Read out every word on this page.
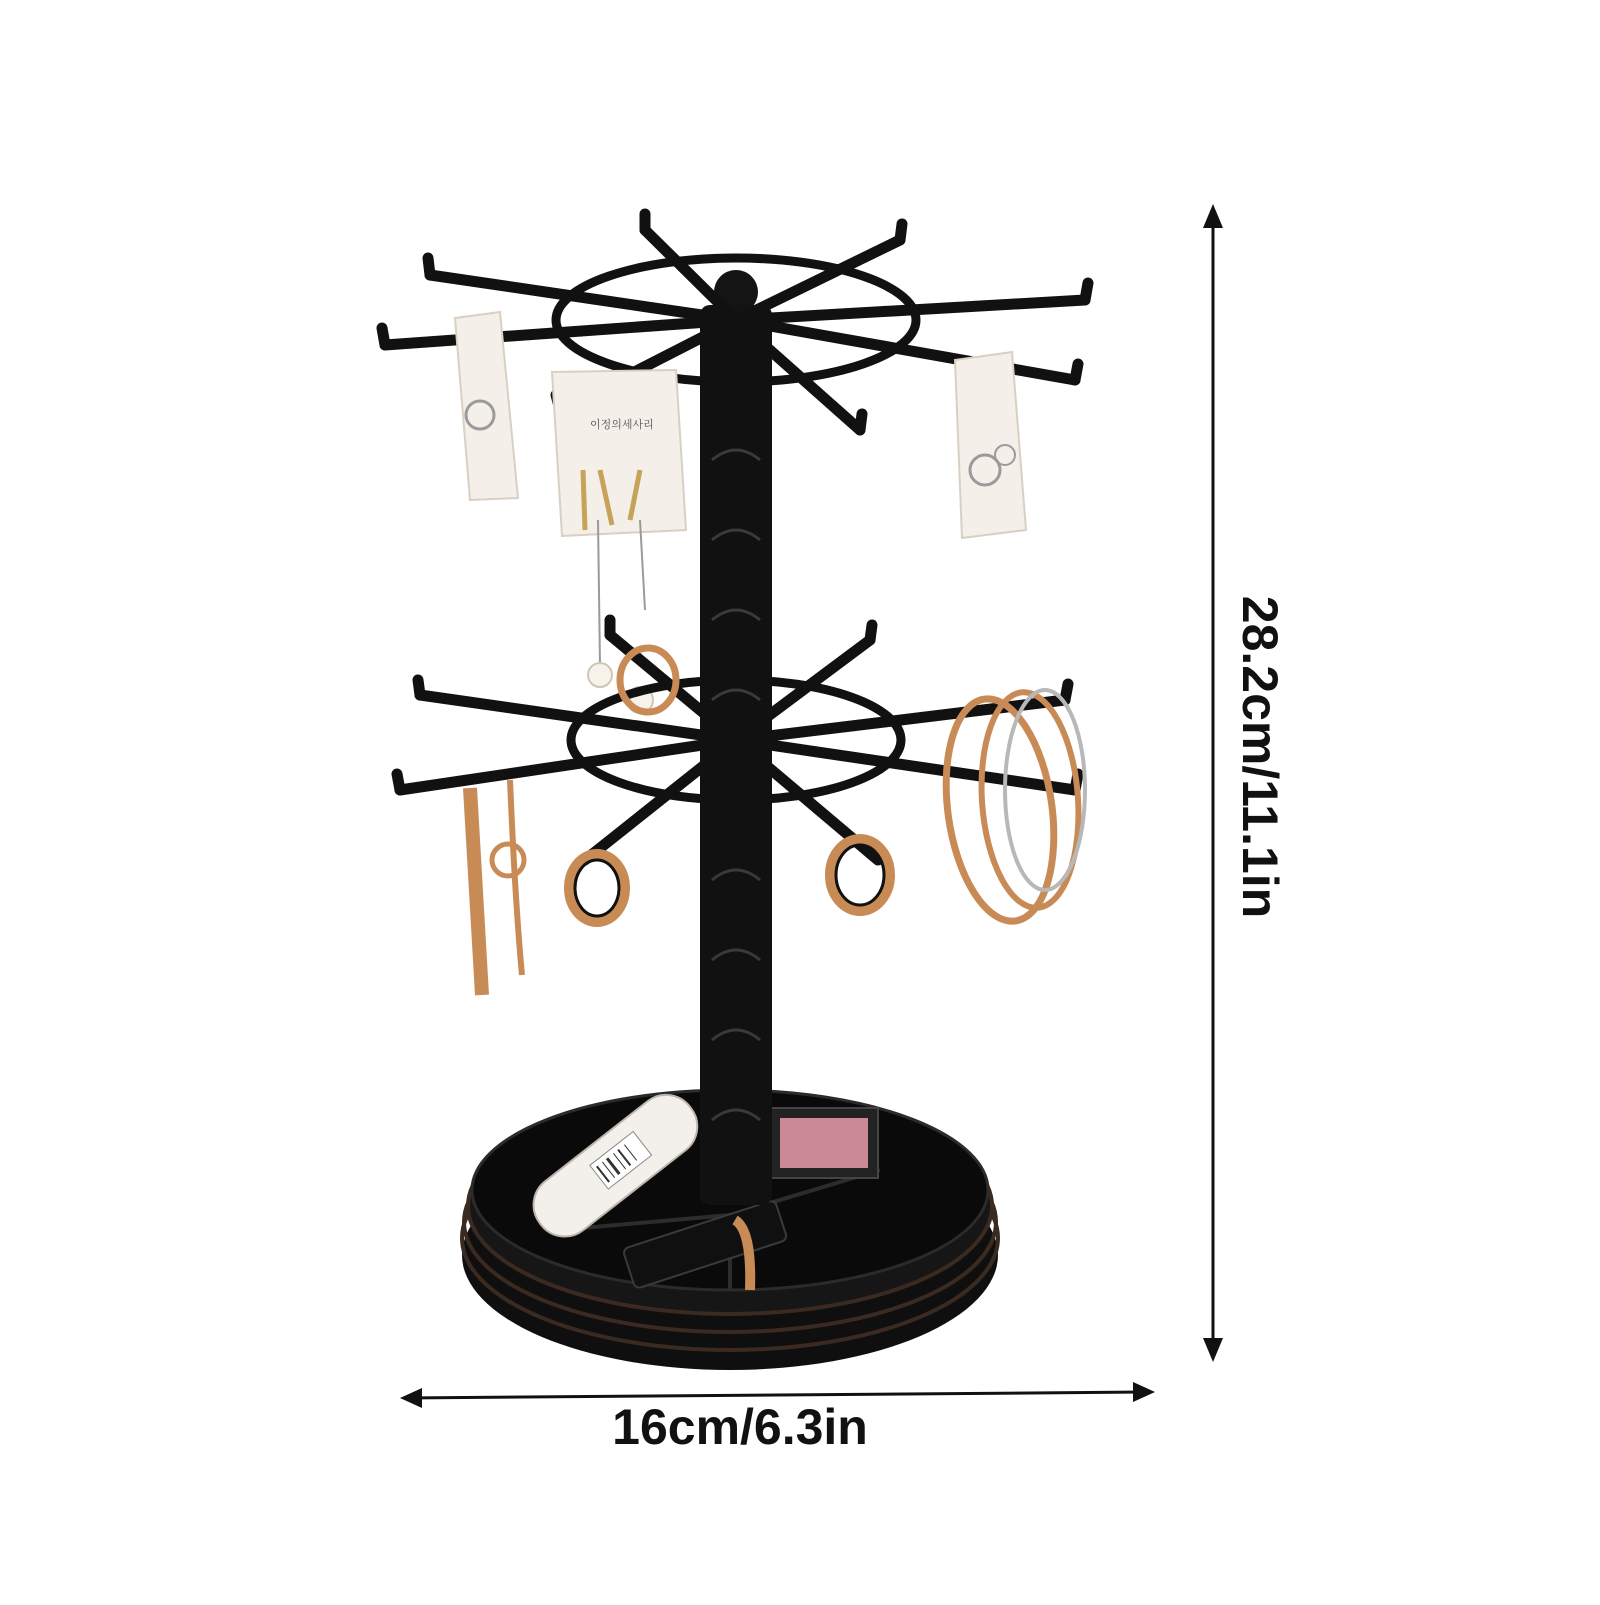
이정의세사리
16cm/6.3in
28.2cm/11.1in
